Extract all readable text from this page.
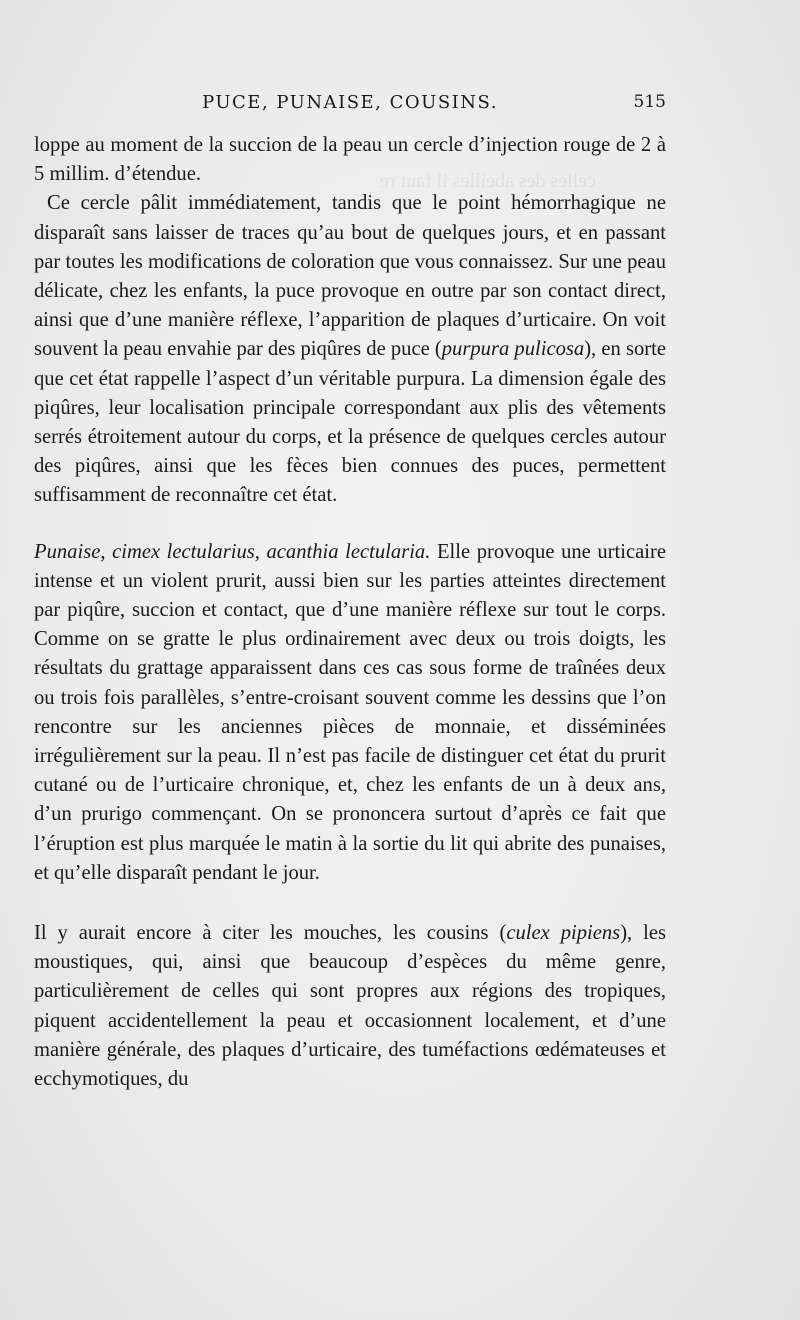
celles des abeilles il faut re
PUCE, PUNAISE, COUSINS.	515

loppe au moment de la succion de la peau un cercle d’injection rouge de 2 à 5 millim. d’étendue.

Ce cercle pâlit immédiatement, tandis que le point hémorrhagique ne disparaît sans laisser de traces qu’au bout de quelques jours, et en passant par toutes les modifications de coloration que vous connaissez. Sur une peau délicate, chez les enfants, la puce provoque en outre par son contact direct, ainsi que d’une manière réflexe, l’apparition de plaques d’urticaire. On voit souvent la peau envahie par des piqûres de puce (purpura pulicosa), en sorte que cet état rappelle l’aspect d’un véritable purpura. La dimension égale des piqûres, leur localisation principale correspondant aux plis des vêtements serrés étroitement autour du corps, et la présence de quelques cercles autour des piqûres, ainsi que les fèces bien connues des puces, permettent suffisamment de reconnaître cet état.

Punaise, cimex lectularius, acanthia lectularia. Elle provoque une urticaire intense et un violent prurit, aussi bien sur les parties atteintes directement par piqûre, succion et contact, que d’une manière réflexe sur tout le corps. Comme on se gratte le plus ordinairement avec deux ou trois doigts, les résultats du grattage apparaissent dans ces cas sous forme de traînées deux ou trois fois parallèles, s’entre-croisant souvent comme les dessins que l’on rencontre sur les anciennes pièces de monnaie, et disséminées irrégulièrement sur la peau. Il n’est pas facile de distinguer cet état du prurit cutané ou de l’urticaire chronique, et, chez les enfants de un à deux ans, d’un prurigo commençant. On se prononcera surtout d’après ce fait que l’éruption est plus marquée le matin à la sortie du lit qui abrite des punaises, et qu’elle disparaît pendant le jour.

Il y aurait encore à citer les mouches, les cousins (culex pipiens), les moustiques, qui, ainsi que beaucoup d’espèces du même genre, particulièrement de celles qui sont propres aux régions des tropiques, piquent accidentellement la peau et occasionnent localement, et d’une manière générale, des plaques d’urticaire, des tuméfactions œdémateuses et ecchymotiques, du
